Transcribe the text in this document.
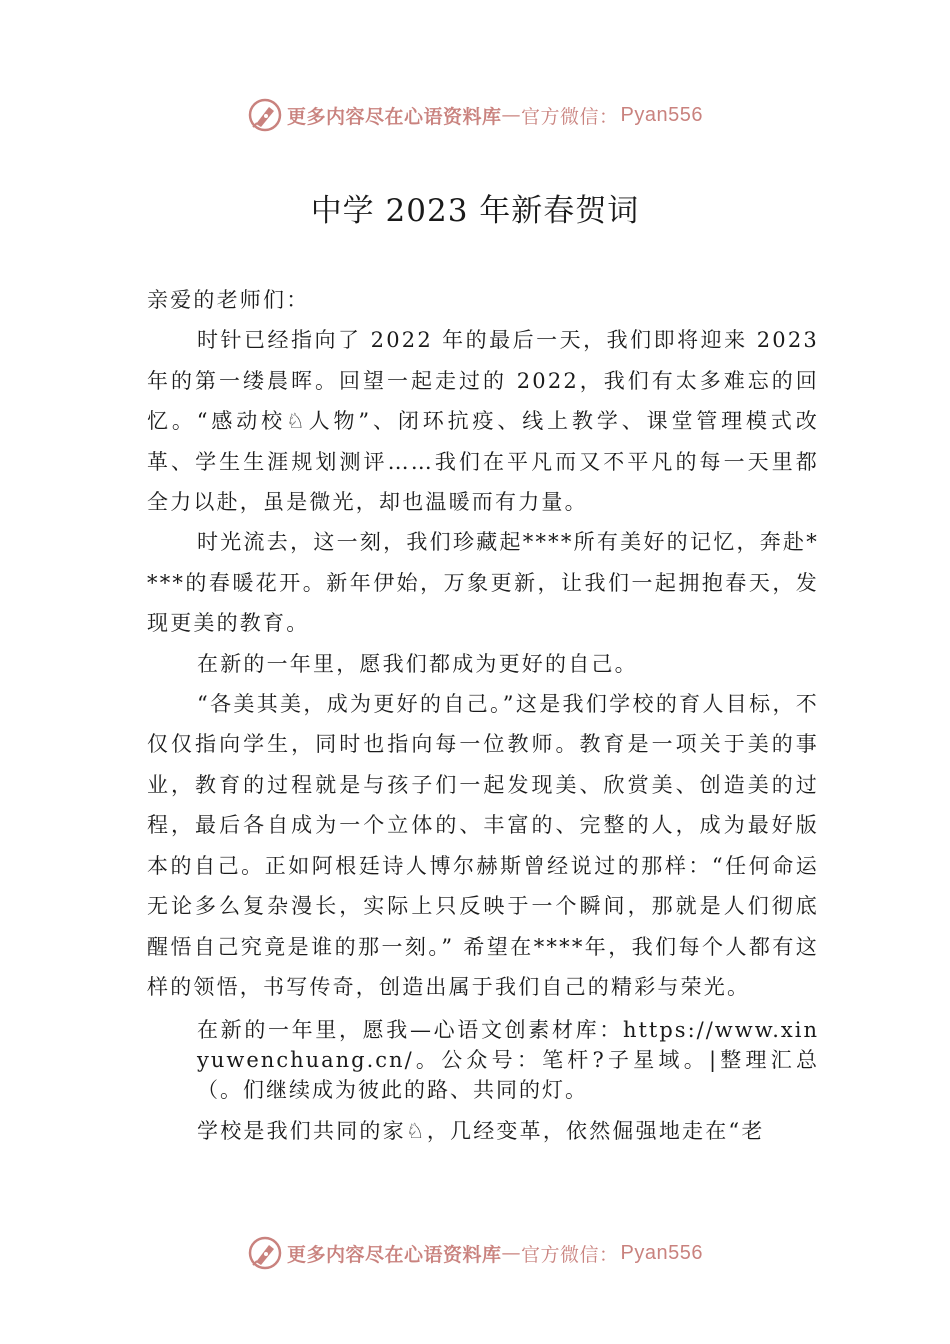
更多内容尽在心语资料库 — 官方微信： Pyan556
中学 2023 年新春贺词

亲爱的老师们：

时针已经指向了 2022 年的最后一天，我们即将迎来 2023 年的第一缕晨晖。回望一起走过的 2022，我们有太多难忘的回忆。“感动校♘人物”、闭环抗疫、线上教学、课堂管理模式改革、学生生涯规划测评……我们在平凡而又不平凡的每一天里都全力以赴，虽是微光，却也温暖而有力量。

时光流去，这一刻，我们珍藏起****所有美好的记忆，奔赴****的春暖花开。新年伊始，万象更新，让我们一起拥抱春天，发现更美的教育。

在新的一年里，愿我们都成为更好的自己。

“各美其美，成为更好的自己。”这是我们学校的育人目标，不仅仅指向学生，同时也指向每一位教师。教育是一项关于美的事业，教育的过程就是与孩子们一起发现美、欣赏美、创造美的过程，最后各自成为一个立体的、丰富的、完整的人，成为最好版本的自己。正如阿根廷诗人博尔赫斯曾经说过的那样：“任何命运无论多么复杂漫长，实际上只反映于一个瞬间，那就是人们彻底醒悟自己究竟是谁的那一刻。” 希望在****年，我们每个人都有这样的领悟，书写传奇，创造出属于我们自己的精彩与荣光。

在新的一年里，愿我—心语文创素材库：https://www.xinyuwenchuang.cn/。公众号：笔杆?子星域。|整理汇总（。们继续成为彼此的路、共同的灯。

学校是我们共同的家♘，几经变革，依然倔强地走在“老

更多内容尽在心语资料库 — 官方微信： Pyan556
